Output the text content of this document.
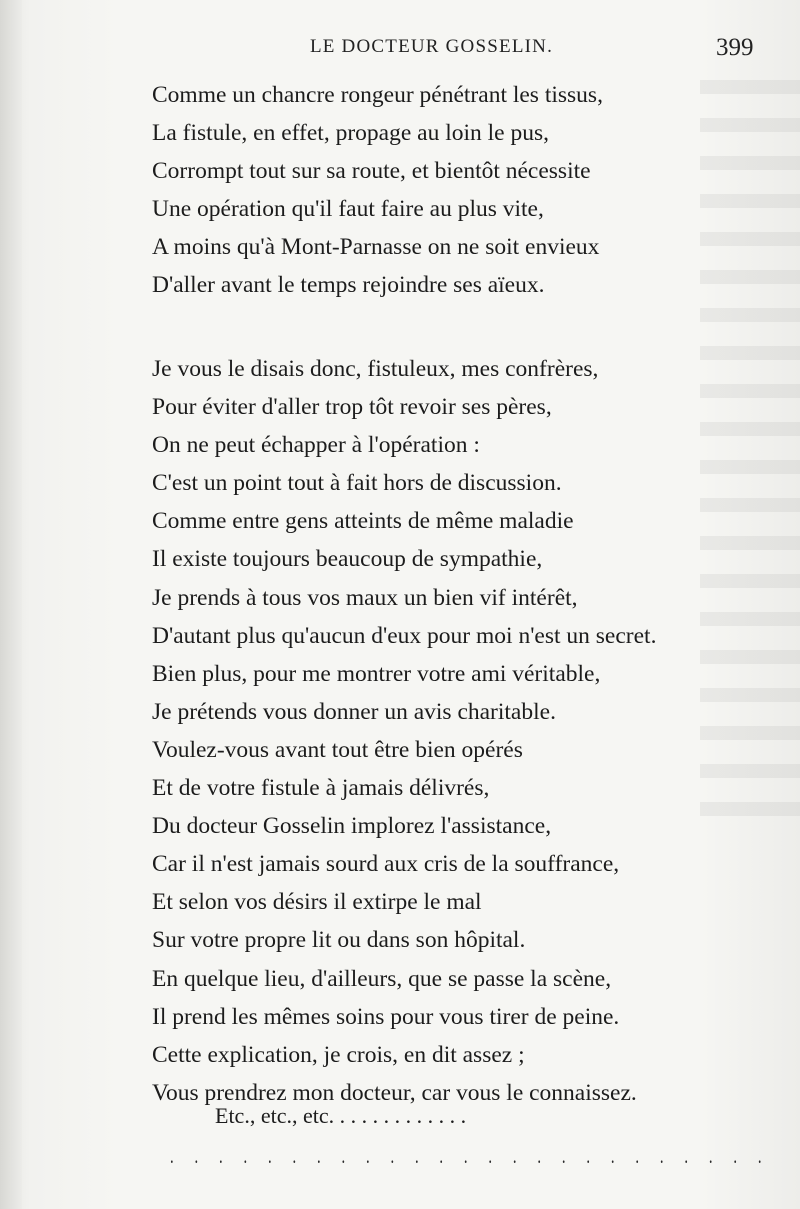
LE DOCTEUR GOSSELIN.	399
Comme un chancre rongeur pénétrant les tissus,
La fistule, en effet, propage au loin le pus,
Corrompt tout sur sa route, et bientôt nécessite
Une opération qu'il faut faire au plus vite,
A moins qu'à Mont-Parnasse on ne soit envieux
D'aller avant le temps rejoindre ses aïeux.
Je vous le disais donc, fistuleux, mes confrères,
Pour éviter d'aller trop tôt revoir ses pères,
On ne peut échapper à l'opération :
C'est un point tout à fait hors de discussion.
Comme entre gens atteints de même maladie
Il existe toujours beaucoup de sympathie,
Je prends à tous vos maux un bien vif intérêt,
D'autant plus qu'aucun d'eux pour moi n'est un secret.
Bien plus, pour me montrer votre ami véritable,
Je prétends vous donner un avis charitable.
Voulez-vous avant tout être bien opérés
Et de votre fistule à jamais délivrés,
Du docteur Gosselin implorez l'assistance,
Car il n'est jamais sourd aux cris de la souffrance,
Et selon vos désirs il extirpe le mal
Sur votre propre lit ou dans son hôpital.
En quelque lieu, d'ailleurs, que se passe la scène,
Il prend les mêmes soins pour vous tirer de peine.
Cette explication, je crois, en dit assez ;
Vous prendrez mon docteur, car vous le connaissez.
Etc., etc., etc. . . . . . . . . . . . .
. . . . . . . . . . . . . . . . . . . . . . . . .
